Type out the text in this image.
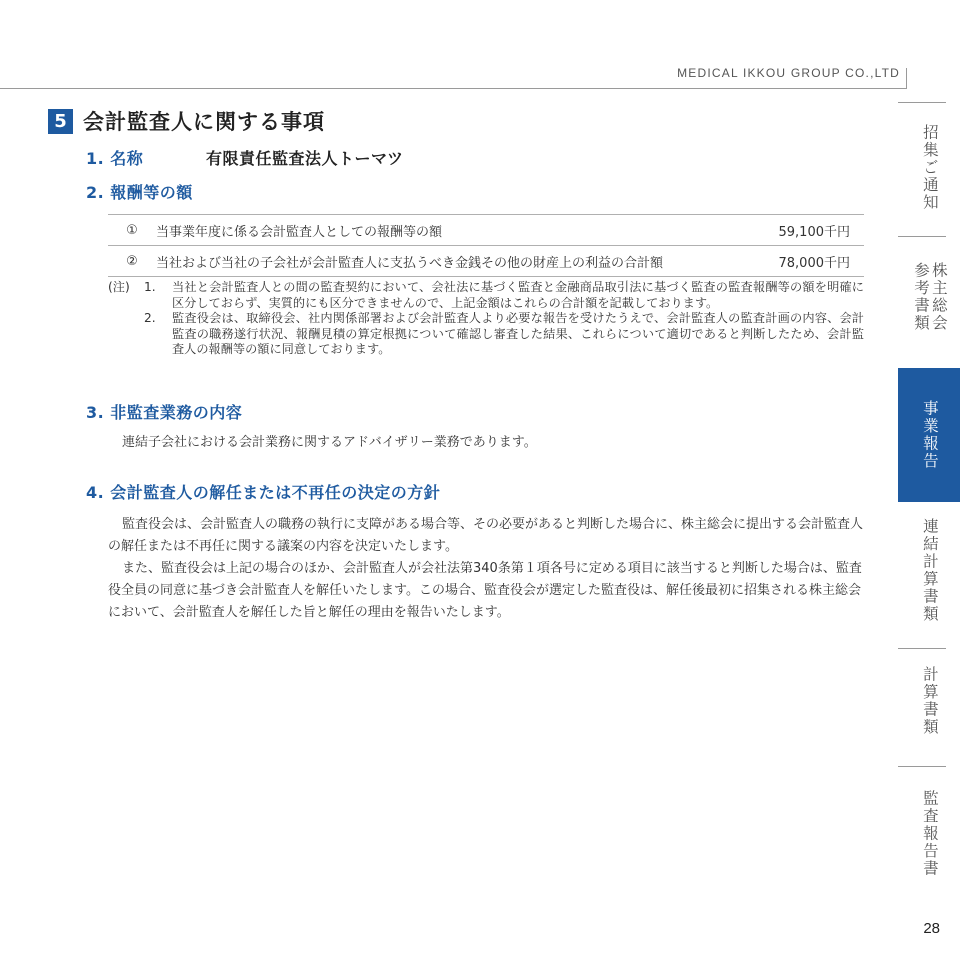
MEDICAL IKKOU GROUP CO.,LTD
5 会計監査人に関する事項
1. 名称	有限責任監査法人トーマツ
2. 報酬等の額
①	当事業年度に係る会計監査人としての報酬等の額	59,100千円
②	当社および当社の子会社が会計監査人に支払うべき金銭その他の財産上の利益の合計額	78,000千円
(注)	1.	当社と会計監査人との間の監査契約において、会社法に基づく監査と金融商品取引法に基づく監査の監査報酬等の額を明確に区分しておらず、実質的にも区分できませんので、上記金額はこれらの合計額を記載しております。
2.	監査役会は、取締役会、社内関係部署および会計監査人より必要な報告を受けたうえで、会計監査人の監査計画の内容、会計監査の職務遂行状況、報酬見積の算定根拠について確認し審査した結果、これらについて適切であると判断したため、会計監査人の報酬等の額に同意しております。
3. 非監査業務の内容
連結子会社における会計業務に関するアドバイザリー業務であります。
4. 会計監査人の解任または不再任の決定の方針
監査役会は、会計監査人の職務の執行に支障がある場合等、その必要があると判断した場合に、株主総会に提出する会計監査人の解任または不再任に関する議案の内容を決定いたします。
また、監査役会は上記の場合のほか、会計監査人が会社法第340条第１項各号に定める項目に該当すると判断した場合は、監査役全員の同意に基づき会計監査人を解任いたします。この場合、監査役会が選定した監査役は、解任後最初に招集される株主総会において、会計監査人を解任した旨と解任の理由を報告いたします。
招集ご通知
株主総会参考書類
事業報告
連結計算書類
計算書類
監査報告書
28
